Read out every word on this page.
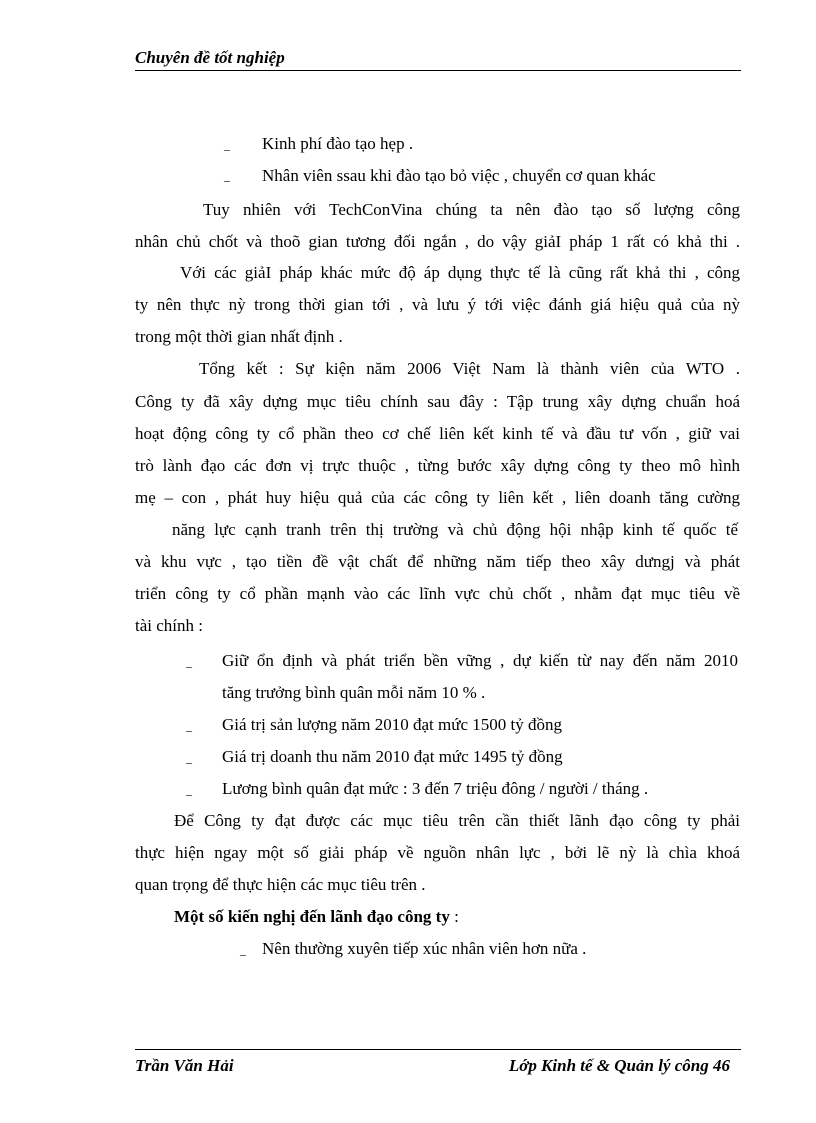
Chuyên đề tốt nghiệp
– Kinh phí đào tạo hẹp .
– Nhân viên ssau khi đào tạo bỏ việc , chuyển cơ quan khác
Tuy nhiên với TechConVina chúng ta nên đào tạo số lượng công
nhân chủ chốt và thoõ gian tương đối ngắn , do vậy giảI pháp 1 rất có khả thi .
Với các giảI pháp khác mức độ áp dụng thực tế là cũng rất khả thi , công
ty nên thực nỳ trong thời gian tới , và lưu ý tới việc đánh giá hiệu quả của nỳ
trong một thời gian nhất định .
Tổng kết : Sự kiện năm 2006 Việt Nam là thành viên của WTO .
Công ty đã xây dựng mục tiêu chính sau đây : Tập trung xây dựng chuẩn hoá
hoạt động công ty cổ phần theo cơ chế liên kết kinh tế và đầu tư vốn , giữ vai
trò lành đạo các đơn vị trực thuộc , từng bước xây dựng công ty theo mô hình
mẹ – con , phát huy hiệu quả của các công ty liên kết , liên doanh tăng cường
năng lực cạnh tranh trên thị trường và chủ động hội nhập kinh tế quốc tế
và khu vực , tạo tiền đề vật chất để những năm tiếp theo xây dưngj và phát
triển công ty cổ phần mạnh vào các lĩnh vực chủ chốt , nhằm đạt mục tiêu về
tài chính :
– Giữ ổn định và phát triển bền vững , dự kiến từ nay đến năm 2010
tăng trưởng bình quân mỗi năm 10 % .
– Giá trị sản lượng năm 2010 đạt mức 1500 tỷ đồng
– Giá trị doanh thu năm 2010 đạt mức 1495 tỷ đồng
– Lương bình quân đạt mức : 3 đến 7 triệu đông / người / tháng .
Để Công ty đạt được các mục tiêu trên cần thiết lãnh đạo công ty phải
thực hiện ngay một số giải pháp về nguồn nhân lực , bởi lẽ nỳ là chìa khoá
quan trọng để thực hiện các mục tiêu trên .
Một số kiến nghị đến lãnh đạo công ty :
– Nên thường xuyên tiếp xúc nhân viên hơn nữa .
Trần Văn Hải	Lớp Kinh tế & Quản lý công 46
